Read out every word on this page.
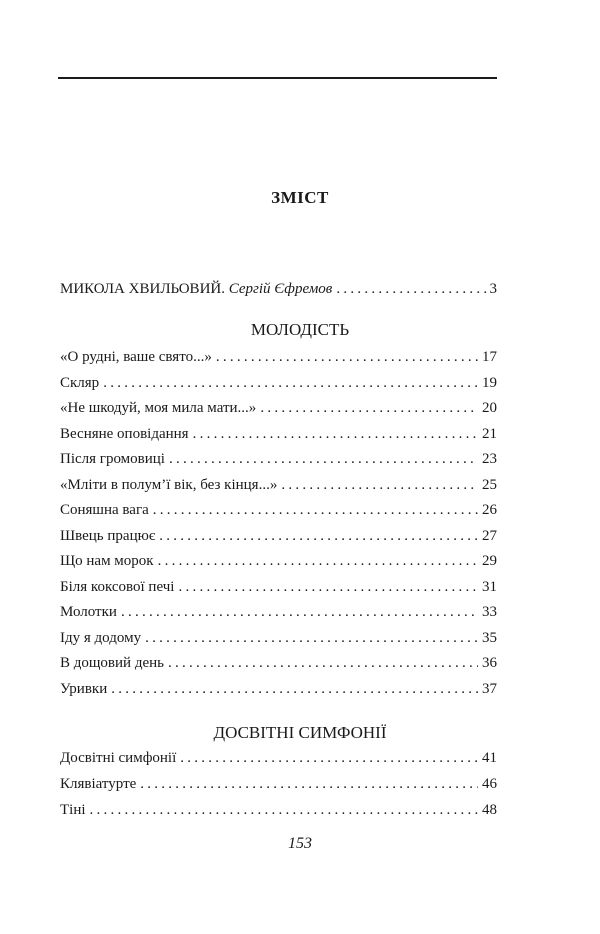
ЗМІСТ
МИКОЛА ХВИЛЬОВИЙ. Сергій Єфремов . . .	3
МОЛОДІСТЬ
«О рудні, ваше свято...» . . .	17
Скляр . . .	19
«Не шкодуй, моя мила мати...» . . .	20
Весняне оповідання . . .	21
Після громовиці . . .	23
«Мліти в полум’ї вік, без кінця...» . . .	25
Соняшна вага . . .	26
Швець працює . . .	27
Що нам морок . . .	29
Біля коксової печі . . .	31
Молотки . . .	33
Іду я додому . . .	35
В дощовий день . . .	36
Уривки . . .	37
ДОСВІТНІ СИМФОНІЇ
Досвітні симфонії . . .	41
Клявіатурте . . .	46
Тіні . . .	48
153
